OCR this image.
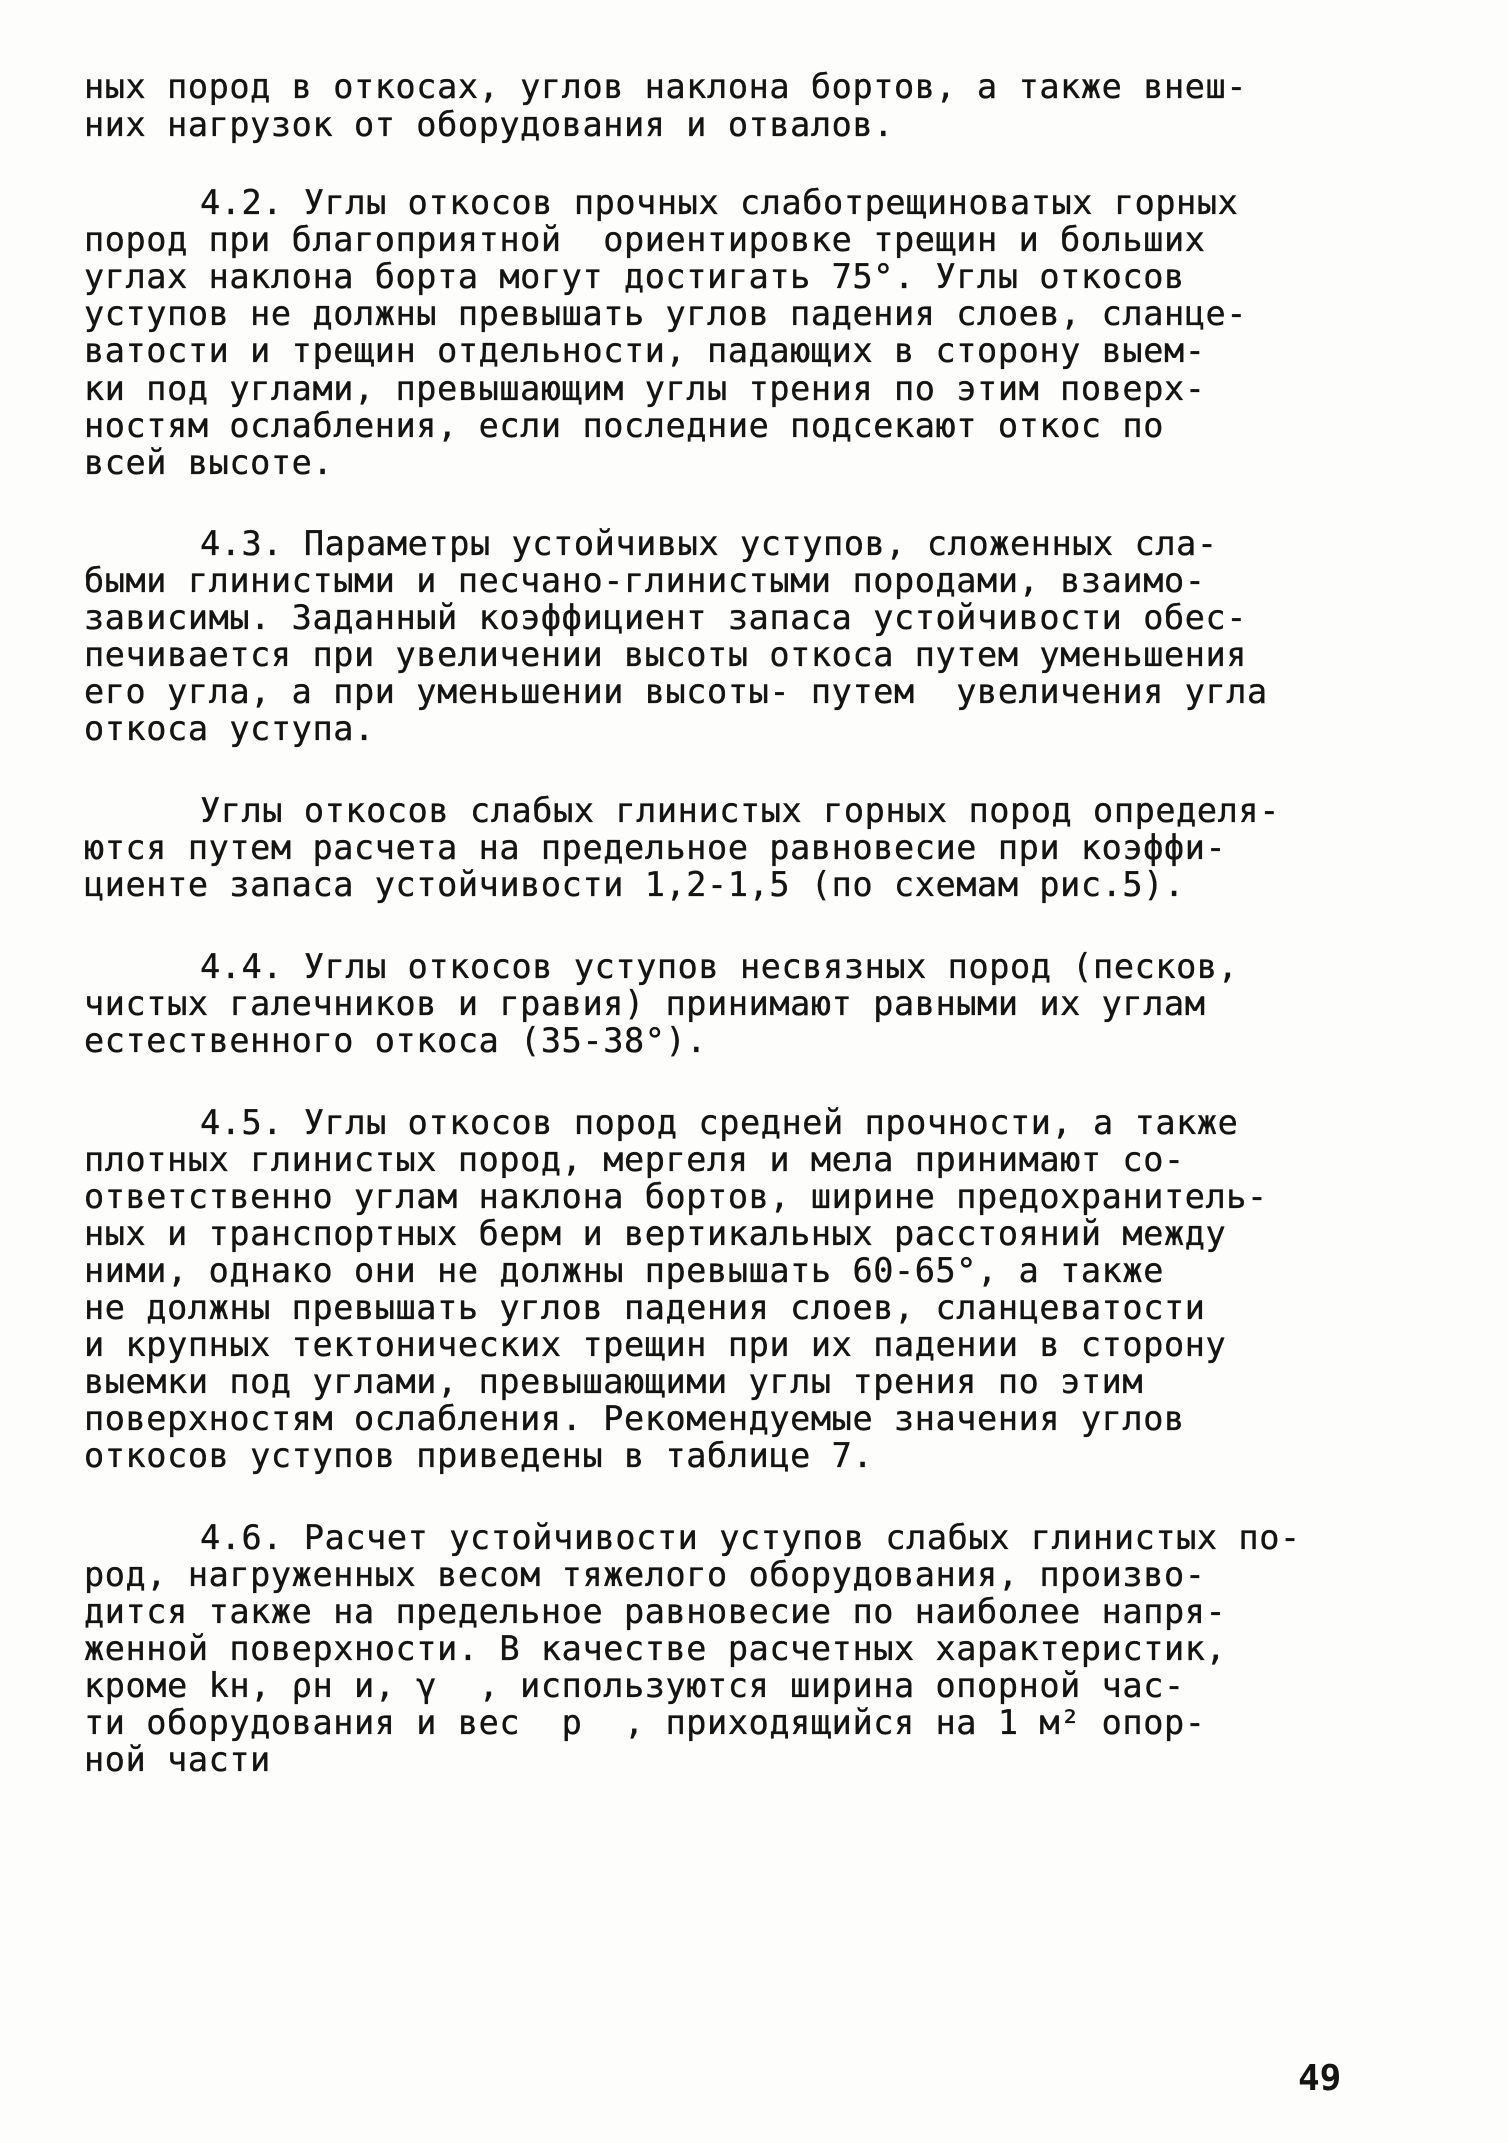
ных пород в откосах, углов наклона бортов, а также внеш-
них нагрузок от оборудования и отвалов.
4.2. Углы откосов прочных слаботрещиноватых горных
пород при благоприятной  ориентировке трещин и больших
углах наклона борта могут достигать 75°. Углы откосов
уступов не должны превышать углов падения слоев, сланце-
ватости и трещин отдельности, падающих в сторону выем-
ки под углами, превышающим углы трения по этим поверх-
ностям ослабления, если последние подсекают откос по
всей высоте.
4.3. Параметры устойчивых уступов, сложенных сла-
быми глинистыми и песчано-глинистыми породами, взаимо-
зависимы. Заданный коэффициент запаса устойчивости обес-
печивается при увеличении высоты откоса путем уменьшения
его угла, а при уменьшении высоты- путем  увеличения угла
откоса уступа.
Углы откосов слабых глинистых горных пород определя-
ются путем расчета на предельное равновесие при коэффи-
циенте запаса устойчивости 1,2-1,5 (по схемам рис.5).
4.4. Углы откосов уступов несвязных пород (песков,
чистых галечников и гравия) принимают равными их углам
естественного откоса (35-38°).
4.5. Углы откосов пород средней прочности, а также
плотных глинистых пород, мергеля и мела принимают со-
ответственно углам наклона бортов, ширине предохранитель-
ных и транспортных берм и вертикальных расстояний между
ними, однако они не должны превышать 60-65°, а также
не должны превышать углов падения слоев, сланцеватости
и крупных тектонических трещин при их падении в сторону
выемки под углами, превышающими углы трения по этим
поверхностям ослабления. Рекомендуемые значения углов
откосов уступов приведены в таблице 7.
4.6. Расчет устойчивости уступов слабых глинистых по-
род, нагруженных весом тяжелого оборудования, произво-
дится также на предельное равновесие по наиболее напря-
женной поверхности. В качестве расчетных характеристик,
кроме kн, ρн и, γ  , используются ширина опорной час-
ти оборудования и вес  p  , приходящийся на 1 м² опор-
ной части
49
